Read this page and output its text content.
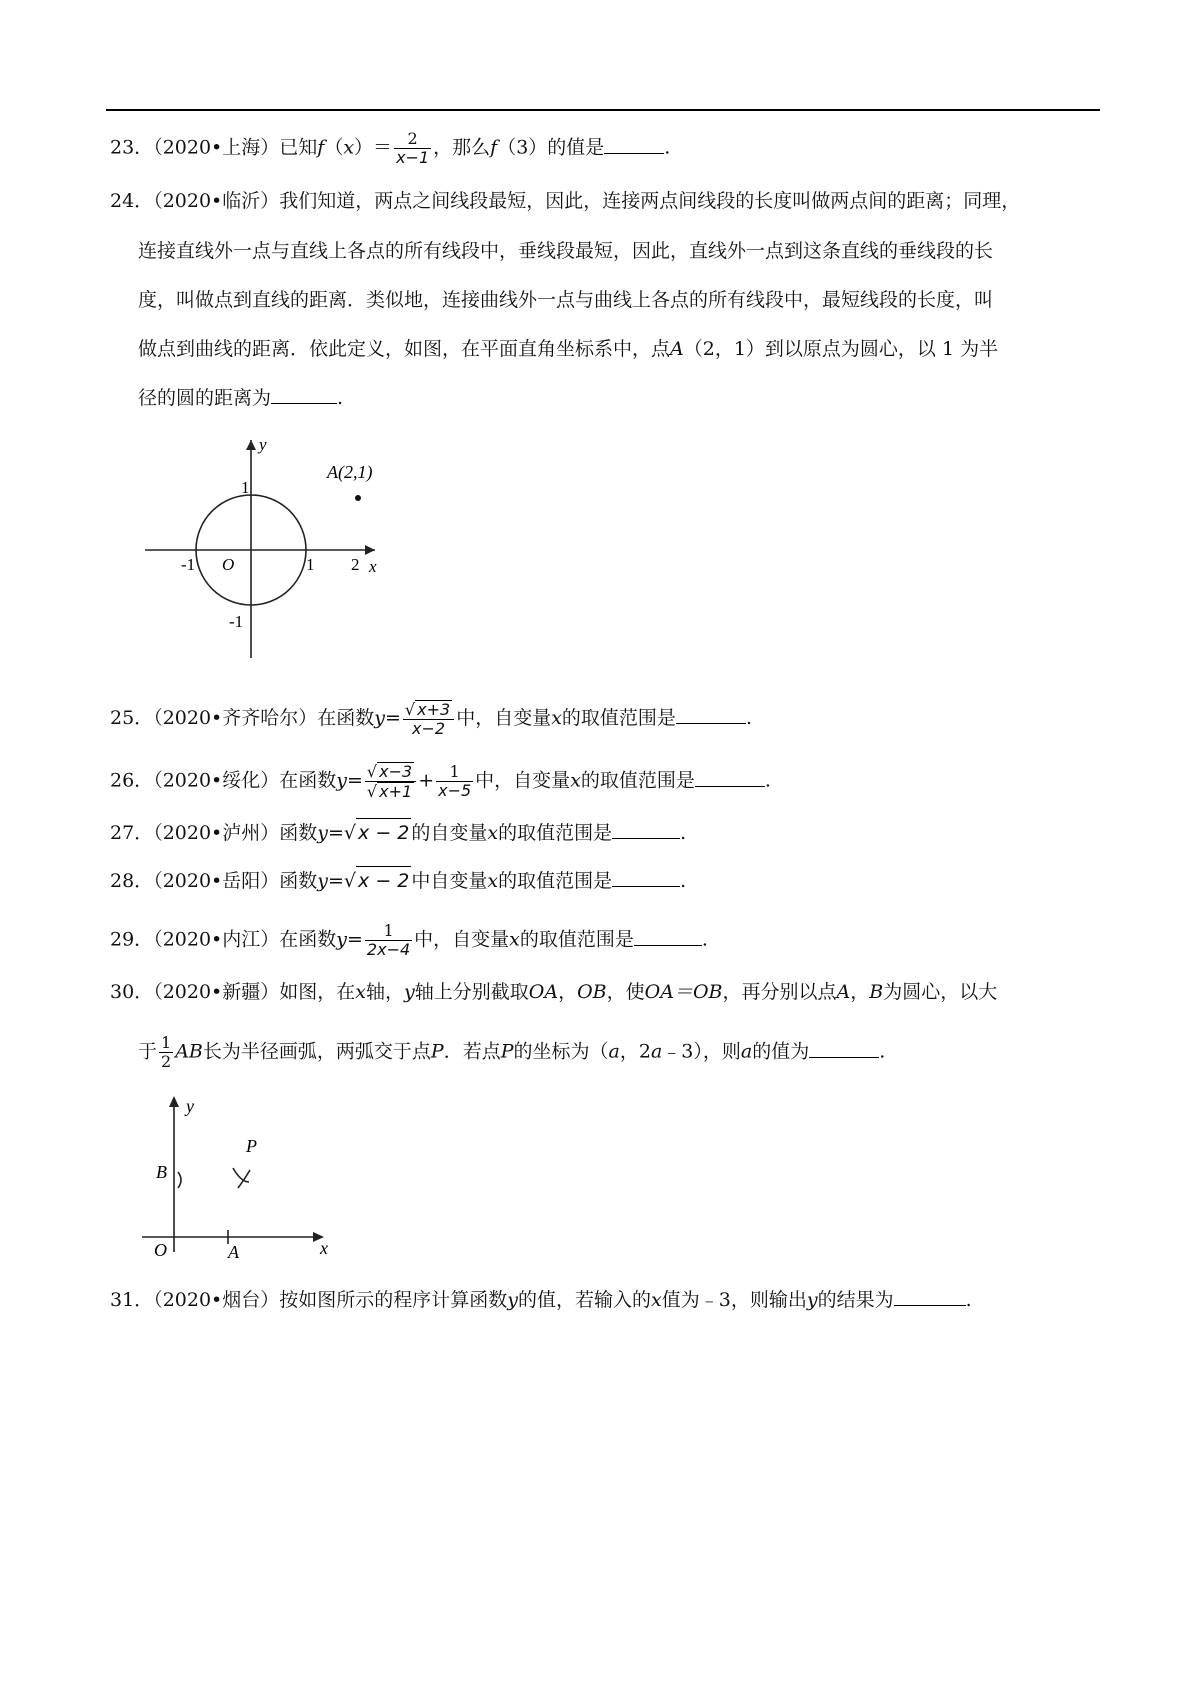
23．（2020•上海）已知$f(x)= \frac{2}{x-1}$ ，那么f（3）的值是	.
24．（2020•临沂）我们知道，两点之间线段最短，因此，连接两点间线段的长度叫做两点间的距离；同理，
连接直线外一点与直线上各点的所有线段中，垂线段最短，因此，直线外一点到这条直线的垂线段的长
度，叫做点到直线的距离．类似地，连接曲线外一点与曲线上各点的所有线段中，最短线段的长度，叫
做点到曲线的距离．依此定义，如图，在平面直角坐标系中，点A（2，1）到以原点为圆心，以 1 为半
径的圆的距离为	.
y
x
O
1
-1	1 2
-1
A(2,1)
25．（2020•齐齐哈尔）在函数$y= \frac{√ x+3}{x-2}$ 中，自变量x的取值范围是	.
26．（2020•绥化）在函数$y= \frac{√ x-3}{√ x+1} + \frac{1}{x-5}$ 中，自变量x的取值范围是	.
27．（2020•泸州）函数y=√ x − 2 的自变量x的取值范围是	.
28．（2020•岳阳）函数y=√ x − 2 中自变量x的取值范围是	.
29．（2020•内江）在函数$y= \frac{1}{2x-4}$ 中，自变量x的取值范围是	.
30．（2020•新疆）如图，在x轴，y轴上分别截取OA，OB，使OA＝OB，再分别以点A，B为圆心，以大
于 $\frac{1}{2}$ AB长为半径画弧，两弧交于点P．若点P的坐标为（a，2a﹣3），则a的值为	.
y
x
O	A
B
P
31．（2020•烟台）按如图所示的程序计算函数y的值，若输入的x值为﹣3，则输出y的结果为	.
